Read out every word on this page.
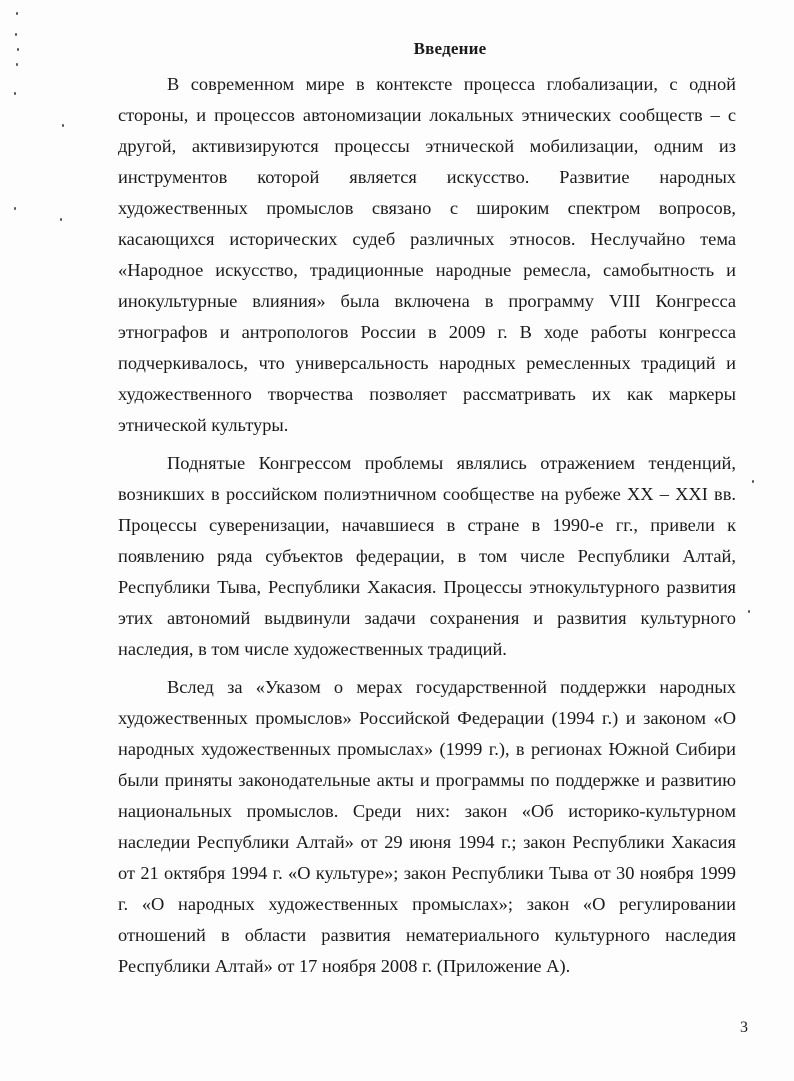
Введение

В современном мире в контексте процесса глобализации, с одной стороны, и процессов автономизации локальных этнических сообществ – с другой, активизируются процессы этнической мобилизации, одним из инструментов которой является искусство. Развитие народных художественных промыслов связано с широким спектром вопросов, касающихся исторических судеб различных этносов. Неслучайно тема «Народное искусство, традиционные народные ремесла, самобытность и инокультурные влияния» была включена в программу VIII Конгресса этнографов и антропологов России в 2009 г. В ходе работы конгресса подчеркивалось, что универсальность народных ремесленных традиций и художественного творчества позволяет рассматривать их как маркеры этнической культуры.

Поднятые Конгрессом проблемы являлись отражением тенденций, возникших в российском полиэтничном сообществе на рубеже XX – XXI вв. Процессы суверенизации, начавшиеся в стране в 1990-е гг., привели к появлению ряда субъектов федерации, в том числе Республики Алтай, Республики Тыва, Республики Хакасия. Процессы этнокультурного развития этих автономий выдвинули задачи сохранения и развития культурного наследия, в том числе художественных традиций.

Вслед за «Указом о мерах государственной поддержки народных художественных промыслов» Российской Федерации (1994 г.) и законом «О народных художественных промыслах» (1999 г.), в регионах Южной Сибири были приняты законодательные акты и программы по поддержке и развитию национальных промыслов. Среди них: закон «Об историко-культурном наследии Республики Алтай» от 29 июня 1994 г.; закон Республики Хакасия от 21 октября 1994 г. «О культуре»; закон Республики Тыва от 30 ноября 1999 г. «О народных художественных промыслах»; закон «О регулировании отношений в области развития нематериального культурного наследия Республики Алтай» от 17 ноября 2008 г. (Приложение А).

3
